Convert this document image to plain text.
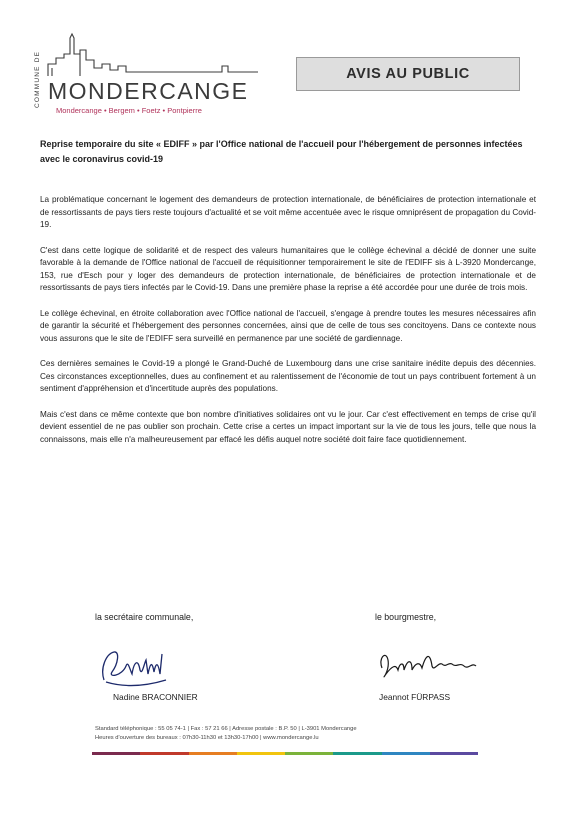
COMMUNE DE MONDERCANGE
Mondercange • Bergem • Foetz • Pontpierre
AVIS AU PUBLIC
Reprise temporaire du site « EDIFF » par l'Office national de l'accueil pour l'hébergement de personnes infectées avec le coronavirus covid-19

La problématique concernant le logement des demandeurs de protection internationale, de bénéficiaires de protection internationale et de ressortissants de pays tiers reste toujours d'actualité et se voit même accentuée avec le risque omniprésent de propagation du Covid-19.

C'est dans cette logique de solidarité et de respect des valeurs humanitaires que le collège échevinal a décidé de donner une suite favorable à la demande de l'Office national de l'accueil de réquisitionner temporairement le site de l'EDIFF sis à L-3920 Mondercange, 153, rue d'Esch pour y loger des demandeurs de protection internationale, de bénéficiaires de protection internationale et de ressortissants de pays tiers infectés par le Covid-19. Dans une première phase la reprise a été accordée pour une durée de trois mois.

Le collège échevinal, en étroite collaboration avec l'Office national de l'accueil, s'engage à prendre toutes les mesures nécessaires afin de garantir la sécurité et l'hébergement des personnes concernées, ainsi que de celle de tous ses concitoyens. Dans ce contexte nous vous assurons que le site de l'EDIFF sera surveillé en permanence par une société de gardiennage.

Ces dernières semaines le Covid-19 a plongé le Grand-Duché de Luxembourg dans une crise sanitaire inédite depuis des décennies. Ces circonstances exceptionnelles, dues au confinement et au ralentissement de l'économie de tout un pays contribuent fortement à un sentiment d'appréhension et d'incertitude auprès des populations.

Mais c'est dans ce même contexte que bon nombre d'initiatives solidaires ont vu le jour. Car c'est effectivement en temps de crise qu'il devient essentiel de ne pas oublier son prochain. Cette crise a certes un impact important sur la vie de tous les jours, telle que nous la connaissons, mais elle n'a malheureusement par effacé les défis auquel notre société doit faire face quotidiennement.

la secrétaire communale,
Nadine BRACONNIER
le bourgmestre,
Jeannot FÜRPASS
Standard téléphonique : 55 05 74-1 | Fax : 57 21 66 | Adresse postale : B.P. 50 | L-3901 Mondercange
Heures d'ouverture des bureaux : 07h30-11h30 et 13h30-17h00 | www.mondercange.lu
